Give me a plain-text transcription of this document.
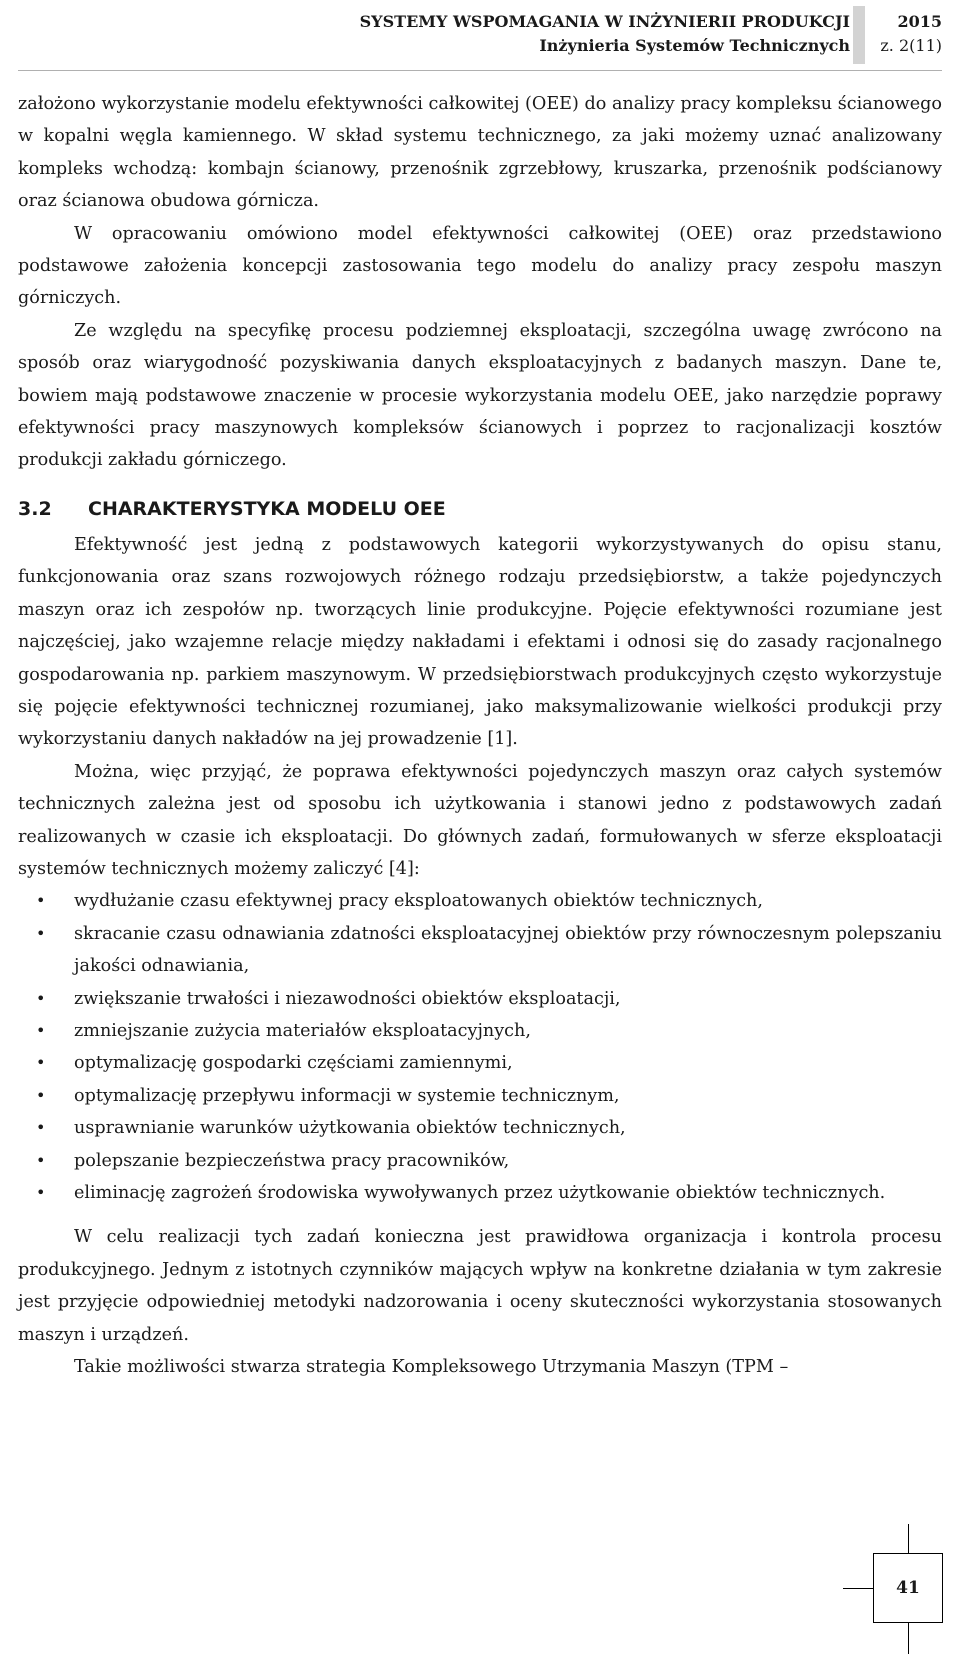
SYSTEMY WSPOMAGANIA W INŻYNIERII PRODUKCJI
Inżynieria Systemów Technicznych
2015
z. 2(11)

założono wykorzystanie modelu efektywności całkowitej (OEE) do analizy pracy kompleksu ścianowego w kopalni węgla kamiennego. W skład systemu technicznego, za jaki możemy uznać analizowany kompleks wchodzą: kombajn ścianowy, przenośnik zgrzebłowy, kruszarka, przenośnik podścianowy oraz ścianowa obudowa górnicza.

W opracowaniu omówiono model efektywności całkowitej (OEE) oraz przedstawiono podstawowe założenia koncepcji zastosowania tego modelu do analizy pracy zespołu maszyn górniczych.

Ze względu na specyfikę procesu podziemnej eksploatacji, szczególna uwagę zwrócono na sposób oraz wiarygodność pozyskiwania danych eksploatacyjnych z badanych maszyn. Dane te, bowiem mają podstawowe znaczenie w procesie wykorzystania modelu OEE, jako narzędzie poprawy efektywności pracy maszynowych kompleksów ścianowych i poprzez to racjonalizacji kosztów produkcji zakładu górniczego.

3.2	CHARAKTERYSTYKA MODELU OEE

Efektywność jest jedną z podstawowych kategorii wykorzystywanych do opisu stanu, funkcjonowania oraz szans rozwojowych różnego rodzaju przedsiębiorstw, a także pojedynczych maszyn oraz ich zespołów np. tworzących linie produkcyjne. Pojęcie efektywności rozumiane jest najczęściej, jako wzajemne relacje między nakładami i efektami i odnosi się do zasady racjonalnego gospodarowania np. parkiem maszynowym. W przedsiębiorstwach produkcyjnych często wykorzystuje się pojęcie efektywności technicznej rozumianej, jako maksymalizowanie wielkości produkcji przy wykorzystaniu danych nakładów na jej prowadzenie [1].

Można, więc przyjąć, że poprawa efektywności pojedynczych maszyn oraz całych systemów technicznych zależna jest od sposobu ich użytkowania i stanowi jedno z podstawowych zadań realizowanych w czasie ich eksploatacji. Do głównych zadań, formułowanych w sferze eksploatacji systemów technicznych możemy zaliczyć [4]:

• wydłużanie czasu efektywnej pracy eksploatowanych obiektów technicznych,
• skracanie czasu odnawiania zdatności eksploatacyjnej obiektów przy równoczesnym polepszaniu jakości odnawiania,
• zwiększanie trwałości i niezawodności obiektów eksploatacji,
• zmniejszanie zużycia materiałów eksploatacyjnych,
• optymalizację gospodarki częściami zamiennymi,
• optymalizację przepływu informacji w systemie technicznym,
• usprawnianie warunków użytkowania obiektów technicznych,
• polepszanie bezpieczeństwa pracy pracowników,
• eliminację zagrożeń środowiska wywoływanych przez użytkowanie obiektów technicznych.

W celu realizacji tych zadań konieczna jest prawidłowa organizacja i kontrola procesu produkcyjnego. Jednym z istotnych czynników mających wpływ na konkretne działania w tym zakresie jest przyjęcie odpowiedniej metodyki nadzorowania i oceny skuteczności wykorzystania stosowanych maszyn i urządzeń.

Takie możliwości stwarza strategia Kompleksowego Utrzymania Maszyn (TPM –

41
